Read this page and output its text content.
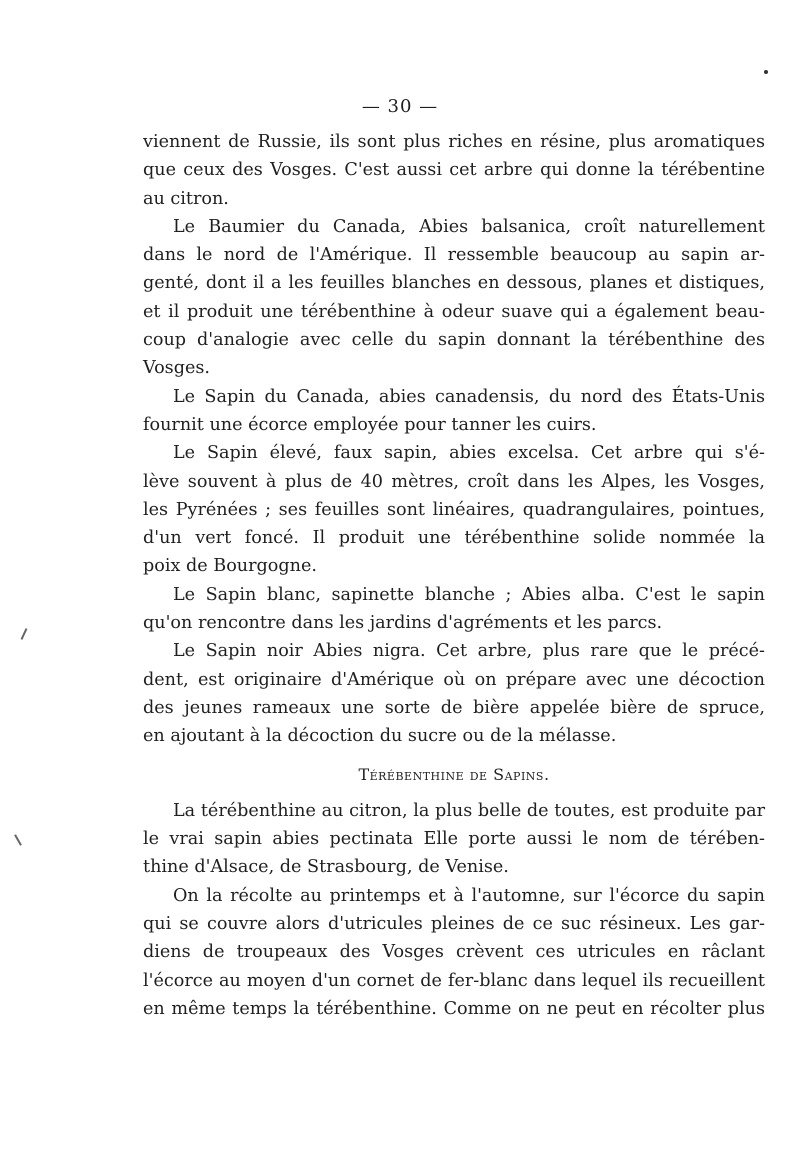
— 30 —
viennent de Russie, ils sont plus riches en résine, plus aromatiques
que ceux des Vosges. C'est aussi cet arbre qui donne la térébentine
au citron.
Le Baumier du Canada, Abies balsanica, croît naturellement
dans le nord de l'Amérique. Il ressemble beaucoup au sapin ar-
genté, dont il a les feuilles blanches en dessous, planes et distiques,
et il produit une térébenthine à odeur suave qui a également beau-
coup d'analogie avec celle du sapin donnant la térébenthine des
Vosges.
Le Sapin du Canada, abies canadensis, du nord des États-Unis
fournit une écorce employée pour tanner les cuirs.
Le Sapin élevé, faux sapin, abies excelsa. Cet arbre qui s'é-
lève souvent à plus de 40 mètres, croît dans les Alpes, les Vosges,
les Pyrénées ; ses feuilles sont linéaires, quadrangulaires, pointues,
d'un vert foncé. Il produit une térébenthine solide nommée la
poix de Bourgogne.
Le Sapin blanc, sapinette blanche ; Abies alba. C'est le sapin
qu'on rencontre dans les jardins d'agréments et les parcs.
Le Sapin noir Abies nigra. Cet arbre, plus rare que le précé-
dent, est originaire d'Amérique où on prépare avec une décoction
des jeunes rameaux une sorte de bière appelée bière de spruce,
en ajoutant à la décoction du sucre ou de la mélasse.
Térébenthine de Sapins.
La térébenthine au citron, la plus belle de toutes, est produite par
le vrai sapin abies pectinata Elle porte aussi le nom de térében-
thine d'Alsace, de Strasbourg, de Venise.
On la récolte au printemps et à l'automne, sur l'écorce du sapin
qui se couvre alors d'utricules pleines de ce suc résineux. Les gar-
diens de troupeaux des Vosges crèvent ces utricules en râclant
l'écorce au moyen d'un cornet de fer-blanc dans lequel ils recueillent
en même temps la térébenthine. Comme on ne peut en récolter plus
